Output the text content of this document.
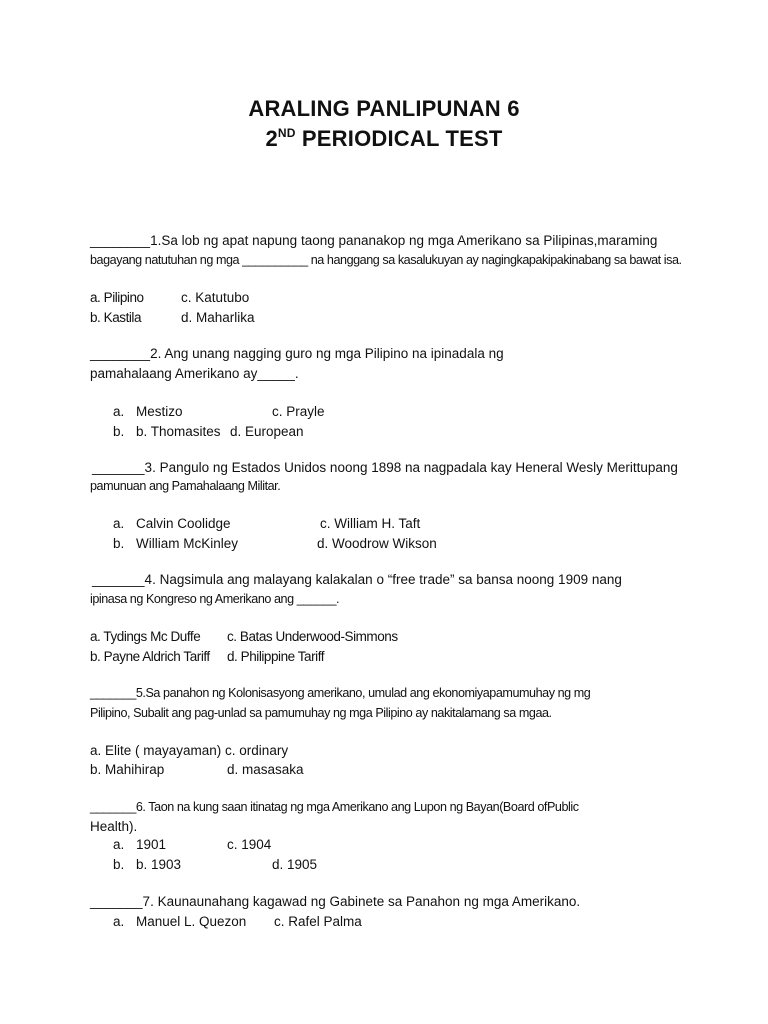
ARALING PANLIPUNAN 6
2ND PERIODICAL TEST
________1.Sa lob ng apat napung taong pananakop ng mga Amerikano sa Pilipinas,maraming
bagayang natutuhan ng mga __________ na hanggang sa kasalukuyan ay nagingkapakipakinabang sa bawat isa.
a. Pilipino	c. Katutubo
b. Kastila	d. Maharlika
________2. Ang unang nagging guro ng mga Pilipino na ipinadala ng
pamahalaang Amerikano ay_____.
a. Mestizo	c. Prayle
b. b. Thomasites d. European
_______3. Pangulo ng Estados Unidos noong 1898 na nagpadala kay Heneral Wesly Merittupang
pamunuan ang Pamahalaang Militar.
a. Calvin Coolidge	c. William H. Taft
b. William McKinley	d. Woodrow Wikson
_______4. Nagsimula ang malayang kalakalan o “free trade” sa bansa noong 1909 nang
ipinasa ng Kongreso ng Amerikano ang ______.
a. Tydings Mc Duffe c. Batas Underwood-Simmons
b. Payne Aldrich Tariff d. Philippine Tariff
_______5.Sa panahon ng Kolonisasyong amerikano, umulad ang ekonomiyapamumuhay ng mg
Pilipino, Subalit ang pag-unlad sa pamumuhay ng mga Pilipino ay nakitalamang sa mgaa.
a. Elite ( mayayaman) c. ordinary
b. Mahihirap	d. masasaka
_______6. Taon na kung saan itinatag ng mga Amerikano ang Lupon ng Bayan(Board ofPublic
Health).
a. 1901	c. 1904
b. b. 1903	d. 1905
_______7. Kaunaunahang kagawad ng Gabinete sa Panahon ng mga Amerikano.
a. Manuel L. Quezon c. Rafel Palma
